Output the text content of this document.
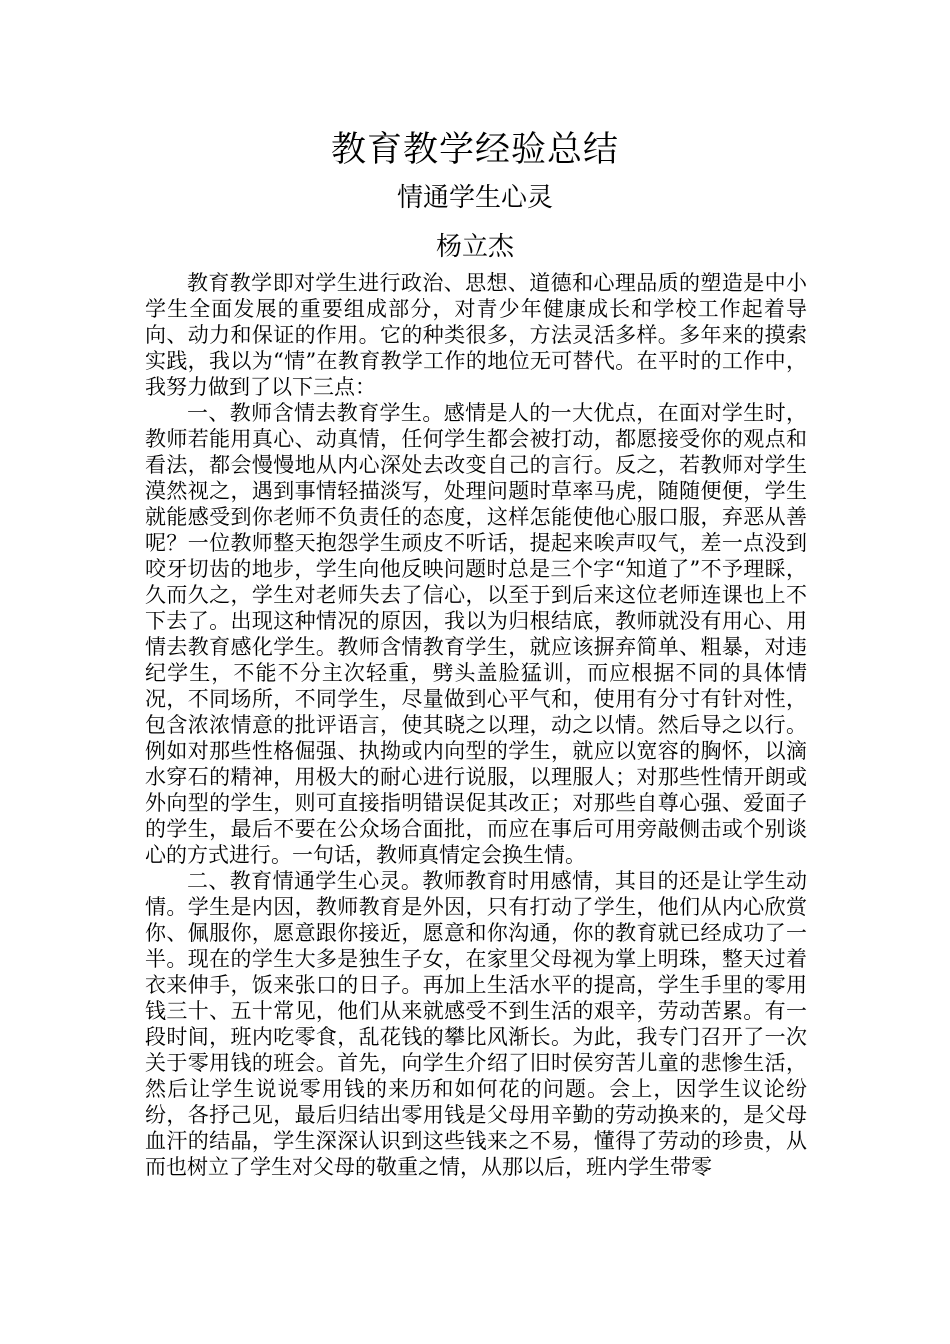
教育教学经验总结
情通学生心灵
杨立杰

教育教学即对学生进行政治、思想、道德和心理品质的塑造是中小学生全面发展的重要组成部分，对青少年健康成长和学校工作起着导向、动力和保证的作用。它的种类很多，方法灵活多样。多年来的摸索实践，我以为“情”在教育教学工作的地位无可替代。在平时的工作中，我努力做到了以下三点：

一、教师含情去教育学生。感情是人的一大优点，在面对学生时，教师若能用真心、动真情，任何学生都会被打动，都愿接受你的观点和看法，都会慢慢地从内心深处去改变自己的言行。反之，若教师对学生漠然视之，遇到事情轻描淡写，处理问题时草率马虎，随随便便，学生就能感受到你老师不负责任的态度，这样怎能使他心服口服，弃恶从善呢？一位教师整天抱怨学生顽皮不听话，提起来唉声叹气，差一点没到咬牙切齿的地步，学生向他反映问题时总是三个字“知道了”不予理睬，久而久之，学生对老师失去了信心，以至于到后来这位老师连课也上不下去了。出现这种情况的原因，我以为归根结底，教师就没有用心、用情去教育感化学生。教师含情教育学生，就应该摒弃简单、粗暴，对违纪学生，不能不分主次轻重，劈头盖脸猛训，而应根据不同的具体情况，不同场所，不同学生，尽量做到心平气和，使用有分寸有针对性，包含浓浓情意的批评语言，使其晓之以理，动之以情。然后导之以行。例如对那些性格倔强、执拗或内向型的学生，就应以宽容的胸怀，以滴水穿石的精神，用极大的耐心进行说服，以理服人；对那些性情开朗或外向型的学生，则可直接指明错误促其改正；对那些自尊心强、爱面子的学生，最后不要在公众场合面批，而应在事后可用旁敲侧击或个别谈心的方式进行。一句话，教师真情定会换生情。

二、教育情通学生心灵。教师教育时用感情，其目的还是让学生动情。学生是内因，教师教育是外因，只有打动了学生，他们从内心欣赏你、佩服你，愿意跟你接近，愿意和你沟通，你的教育就已经成功了一半。现在的学生大多是独生子女，在家里父母视为掌上明珠，整天过着衣来伸手，饭来张口的日子。再加上生活水平的提高，学生手里的零用钱三十、五十常见，他们从来就感受不到生活的艰辛，劳动苦累。有一段时间，班内吃零食，乱花钱的攀比风渐长。为此，我专门召开了一次关于零用钱的班会。首先，向学生介绍了旧时侯穷苦儿童的悲惨生活，然后让学生说说零用钱的来历和如何花的问题。会上，因学生议论纷纷，各抒己见，最后归结出零用钱是父母用辛勤的劳动换来的，是父母血汗的结晶，学生深深认识到这些钱来之不易，懂得了劳动的珍贵，从而也树立了学生对父母的敬重之情，从那以后，班内学生带零
